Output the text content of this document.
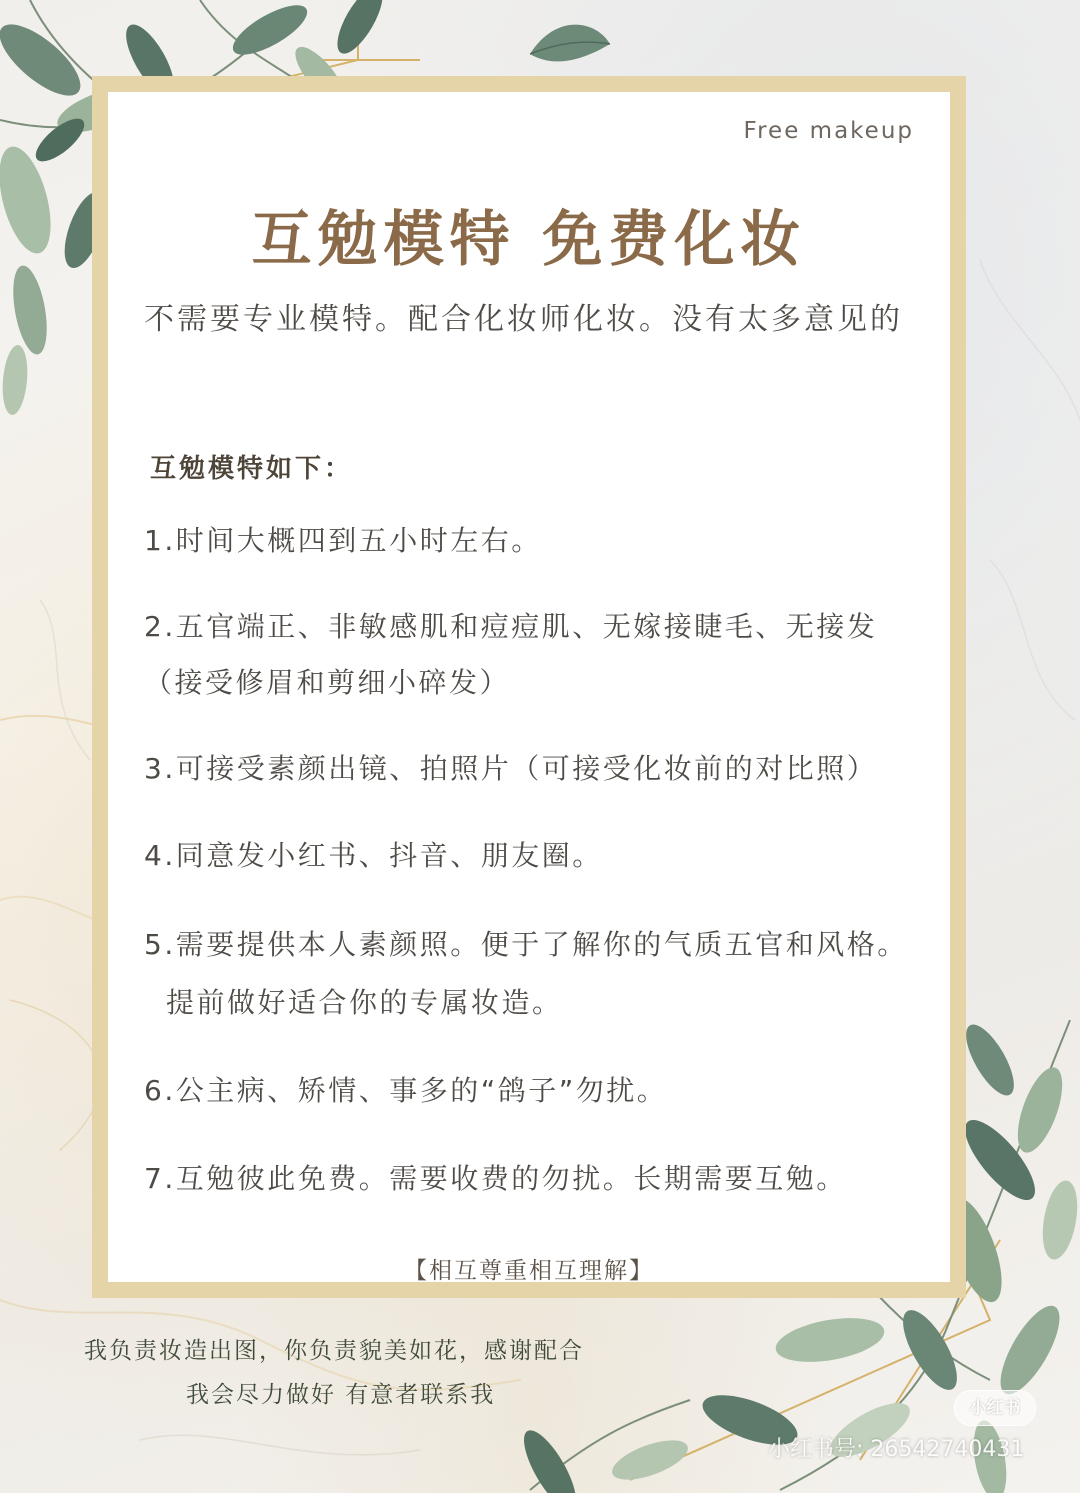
Free makeup
互勉模特 免费化妆
不需要专业模特。配合化妆师化妆。没有太多意见的
互勉模特如下：
1.时间大概四到五小时左右。
2.五官端正、非敏感肌和痘痘肌、无嫁接睫毛、无接发
（接受修眉和剪细小碎发）
3.可接受素颜出镜、拍照片（可接受化妆前的对比照）
4.同意发小红书、抖音、朋友圈。
5.需要提供本人素颜照。便于了解你的气质五官和风格。
提前做好适合你的专属妆造。
6.公主病、矫情、事多的“鸽子”勿扰。
7.互勉彼此免费。需要收费的勿扰。长期需要互勉。
【相互尊重相互理解】
我负责妆造出图，你负责貌美如花，感谢配合
我会尽力做好 有意者联系我	小红书
小红书号: 26542740431
